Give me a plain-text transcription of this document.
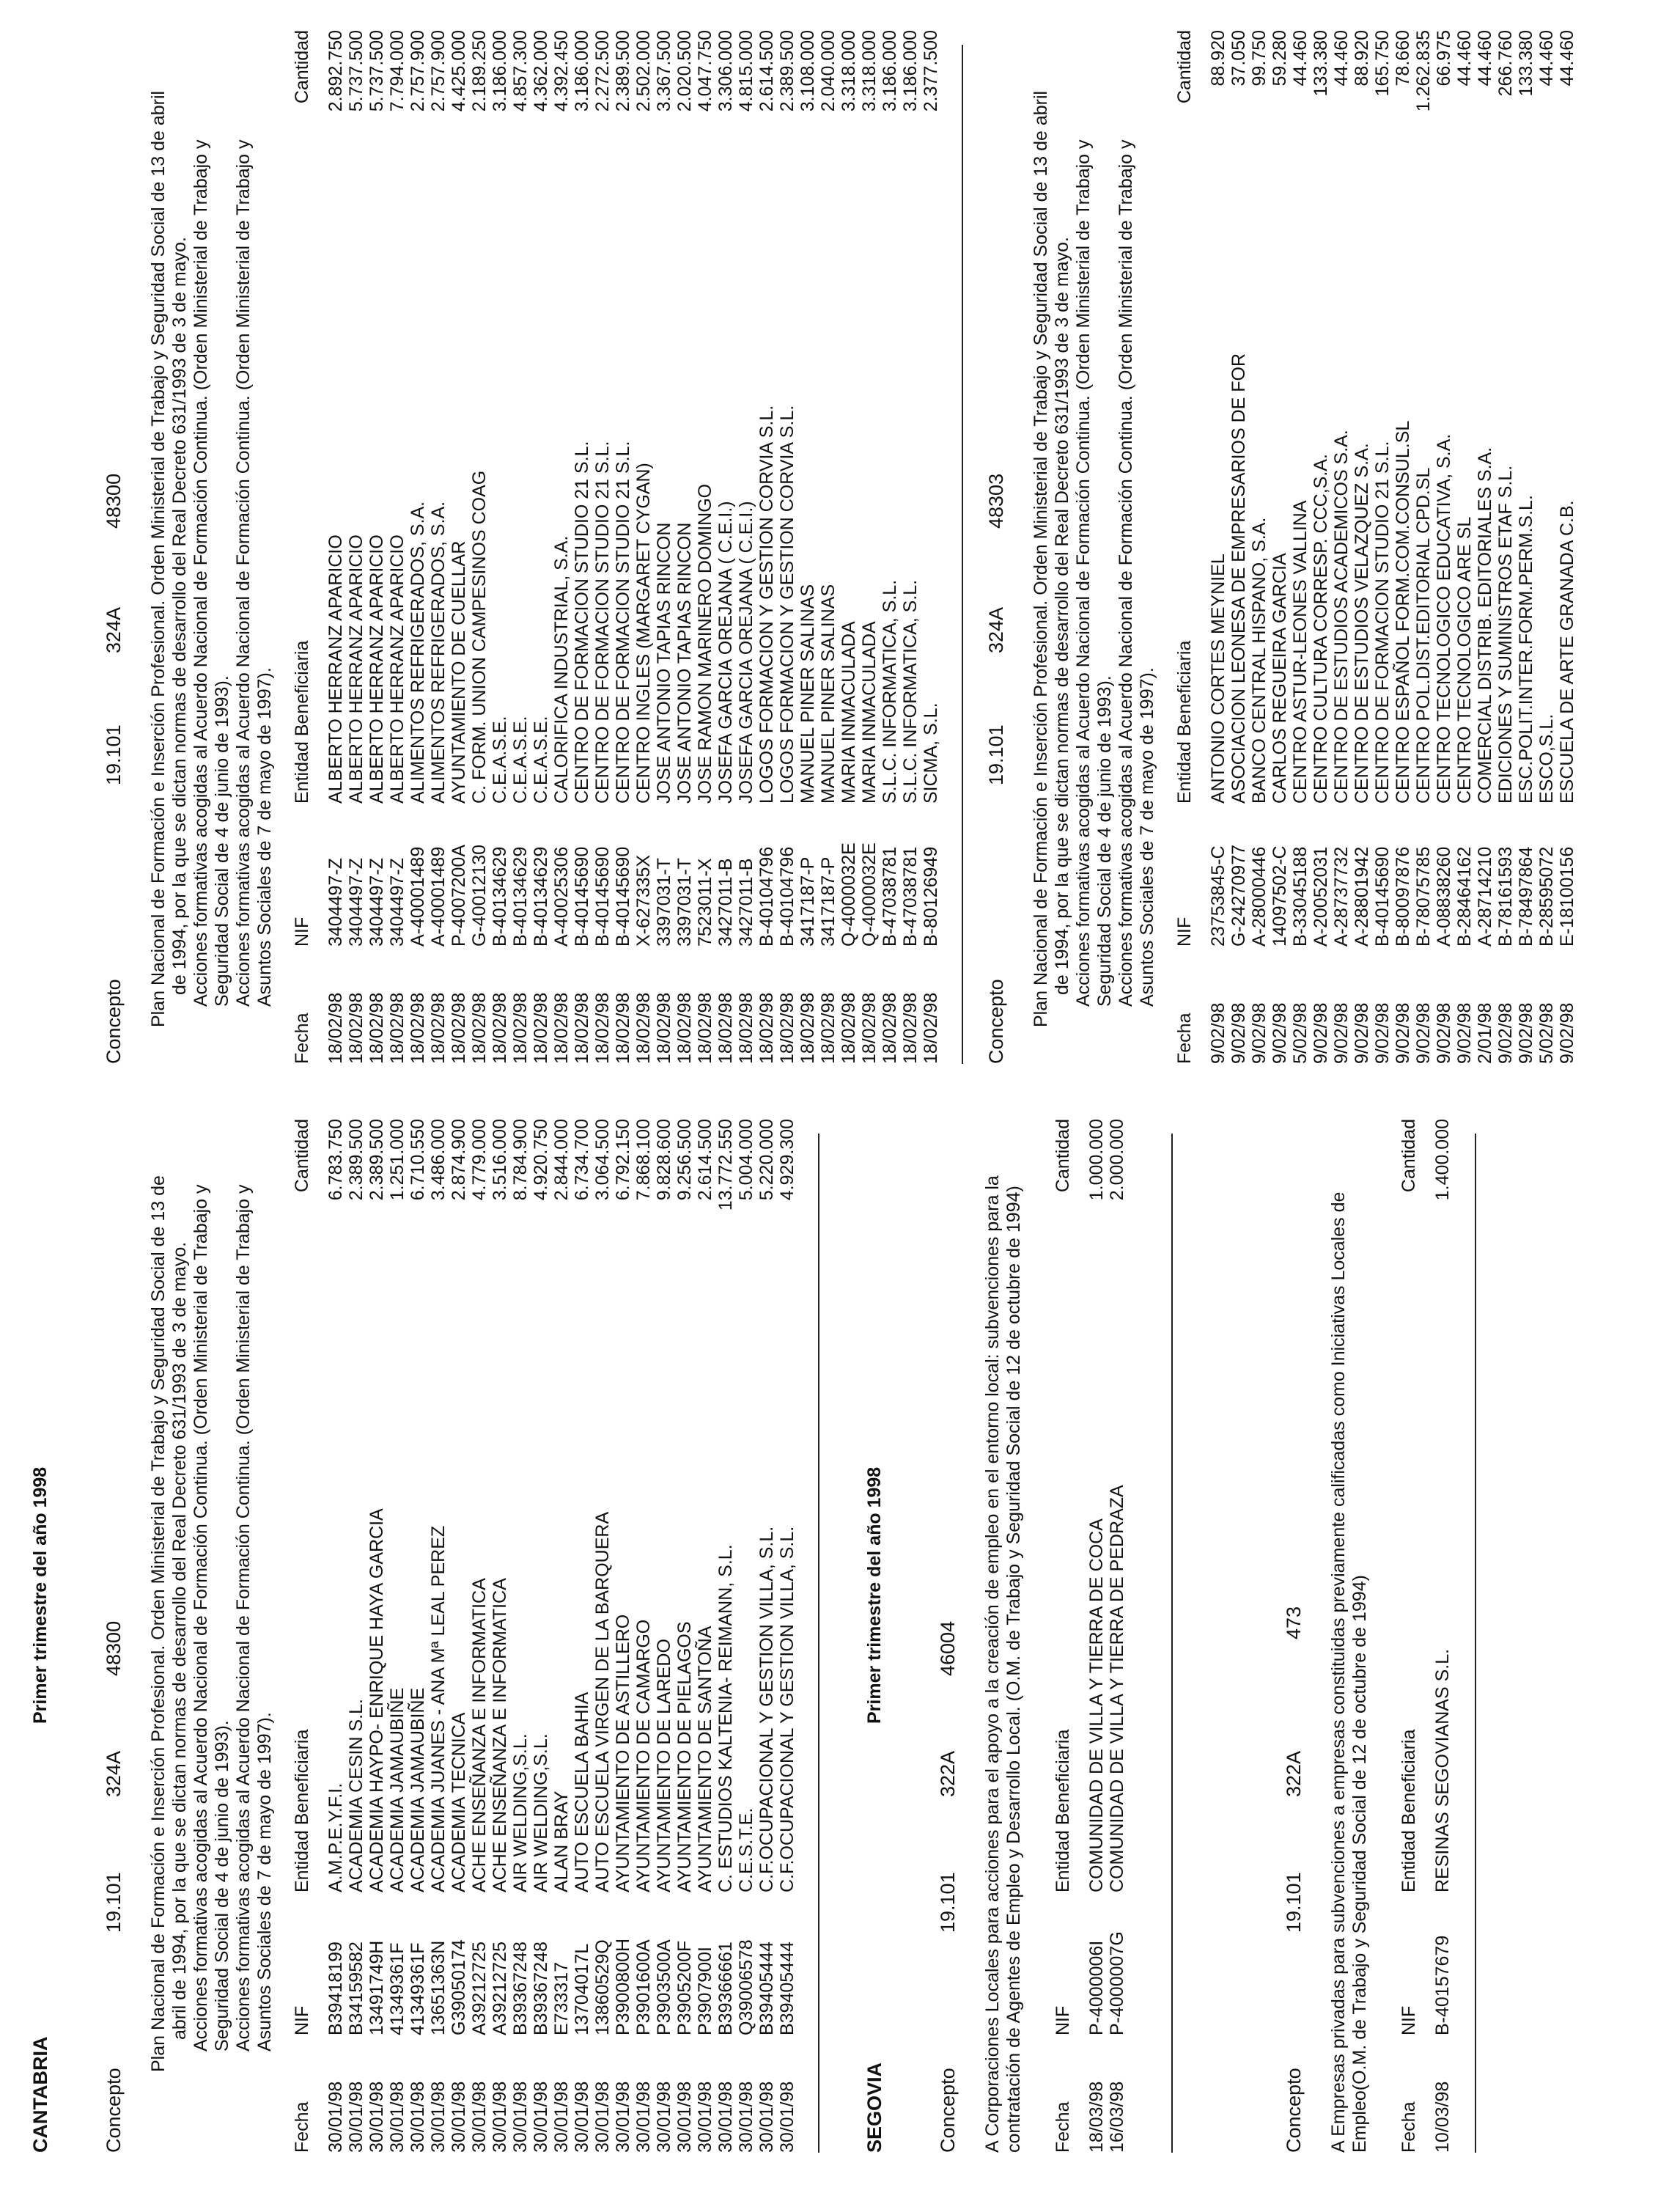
CANTABRIA
Primer trimestre del año 1998
Concepto
19.101
324A
48300 Plan Nacional de Formación e Inserción Profesional. Orden Ministerial de Trabajo y Seguridad Social de 13 de abril de 1994, por la que se dictan normas de desarrollo del Real Decreto 631/1993 de 3 de mayo. Acciones formativas acogidas al Acuerdo Nacional de Formación Continua. (Orden Ministerial de Trabajo y Seguridad Social de 4 de junio de 1993). Acciones formativas acogidas al Acuerdo Nacional de Formación Continua. (Orden Ministerial de Trabajo y Asuntos Sociales de 7 de mayo de 1997).

Fecha
NIF
Entidad Beneficiaria
Cantidad
30/01/98
B39418199
A.M.P.E.Y.F.I.
6.783.750
30/01/98
B34159582
ACADEMIA CESIN S.L.
2.389.500
30/01/98
13491749H
ACADEMIA HAYPO- ENRIQUE HAYA GARCIA
2.389.500
30/01/98
41349361F
ACADEMIA JAMAUBIÑE
1.251.000
30/01/98
41349361F
ACADEMIA JAMAUBIÑE
6.710.550
30/01/98
13651363N
ACADEMIA JUANES - ANA Mª LEAL PEREZ
3.486.000
30/01/98
G39050174
ACADEMIA TECNICA
2.874.900
30/01/98
A39212725
ACHE ENSEÑANZA E INFORMATICA
4.779.000
30/01/98
A39212725
ACHE ENSEÑANZA E INFORMATICA
3.516.000
30/01/98
B39367248
AIR WELDING,S.L.
8.784.900
30/01/98
B39367248
AIR WELDING,S.L.
4.920.750
30/01/98
E733317
ALAN BRAY
2.844.000
30/01/98
13704017L
AUTO ESCUELA BAHIA
6.734.700
30/01/98
13860529Q
AUTO ESCUELA VIRGEN DE LA BARQUERA
3.064.500
30/01/98
P3900800H
AYUNTAMIENTO DE ASTILLERO
6.792.150
30/01/98
P3901600A
AYUNTAMIENTO DE CAMARGO
7.868.100
30/01/98
P3903500A
AYUNTAMIENTO DE LAREDO
9.828.600
30/01/98
P3905200F
AYUNTAMIENTO DE PIELAGOS
9.256.500
30/01/98
P3907900I
AYUNTAMIENTO DE SANTOÑA
2.614.500
30/01/98
B39366661
C. ESTUDIOS KALTENIA- REIMANN, S.L.
13.772.550
30/01/98
Q39006578
C.E.S.T.E.
5.004.000
30/01/98
B39405444
C.F.OCUPACIONAL Y GESTION VILLA, S.L.
5.220.000
30/01/98
B39405444
C.F.OCUPACIONAL Y GESTION VILLA, S.L.
4.929.300
SEGOVIA
Primer trimestre del año 1998
Concepto
19.101
322A
46004 A Corporaciones Locales para acciones para el apoyo a la creación de empleo en el entorno local: subvenciones para la contratación de Agentes de Empleo y Desarrollo Local. (O.M. de Trabajo y Seguridad Social de 12 de octubre de 1994) Fecha
NIF
Entidad Beneficiaria
Cantidad
18/03/98
P-4000006I
COMUNIDAD DE VILLA Y TIERRA DE COCA
1.000.000
16/03/98
P-4000007G
COMUNIDAD DE VILLA Y TIERRA DE PEDRAZA
2.000.000
Concepto
19.101
322A
473 A Empresas privadas para subvenciones a empresas constituidas previamente calificadas como Iniciativas Locales de Empleo(O.M. de Trabajo y Seguridad Social de 12 de octubre de 1994) Fecha
NIF
Entidad Beneficiaria
Cantidad
10/03/98
B-40157679
RESINAS SEGOVIANAS S.L.
1.400.000
Concepto
19.101
324A
48300 Plan Nacional de Formación e Inserción Profesional. Orden Ministerial de Trabajo y Seguridad Social de 13 de abril de 1994, por la que se dictan normas de desarrollo del Real Decreto 631/1993 de 3 de mayo. Acciones formativas acogidas al Acuerdo Nacional de Formación Continua. (Orden Ministerial de Trabajo y Seguridad Social de 4 de junio de 1993). Acciones formativas acogidas al Acuerdo Nacional de Formación Continua. (Orden Ministerial de Trabajo y Asuntos Sociales de 7 de mayo de 1997).

Fecha
NIF
Entidad Beneficiaria
Cantidad
18/02/98
3404497-Z
ALBERTO HERRANZ APARICIO
2.892.750
18/02/98
3404497-Z
ALBERTO HERRANZ APARICIO
5.737.500
18/02/98
3404497-Z
ALBERTO HERRANZ APARICIO
5.737.500
18/02/98
3404497-Z
ALBERTO HERRANZ APARICIO
7.794.000
18/02/98
A-40001489
ALIMENTOS REFRIGERADOS, S.A.
2.757.900
18/02/98
A-40001489
ALIMENTOS REFRIGERADOS, S.A.
2.757.900
18/02/98
P-4007200A
AYUNTAMIENTO DE CUELLAR
4.425.000
18/02/98
G-40012130
C. FORM. UNION CAMPESINOS COAG
2.189.250
18/02/98
B-40134629
C.E.A.S.E.
3.186.000
18/02/98
B-40134629
C.E.A.S.E.
4.857.300
18/02/98
B-40134629
C.E.A.S.E.
4.362.000
18/02/98
A-40025306
CALORIFICA INDUSTRIAL, S.A.
4.392.450
18/02/98
B-40145690
CENTRO DE FORMACION STUDIO 21 S.L.
3.186.000
18/02/98
B-40145690
CENTRO DE FORMACION STUDIO 21 S.L.
2.272.500
18/02/98
B-40145690
CENTRO DE FORMACION STUDIO 21 S.L.
2.389.500
18/02/98
X-627335X
CENTRO INGLES (MARGARET CYGAN)
2.502.000
18/02/98
3397031-T
JOSE ANTONIO TAPIAS RINCON
3.367.500
18/02/98
3397031-T
JOSE ANTONIO TAPIAS RINCON
2.020.500
18/02/98
7523011-X
JOSE RAMON MARINERO DOMINGO
4.047.750
18/02/98
3427011-B
JOSEFA GARCIA OREJANA ( C.E.I.)
3.306.000
18/02/98
3427011-B
JOSEFA GARCIA OREJANA ( C.E.I.)
4.815.000
18/02/98
B-40104796
LOGOS FORMACION Y GESTION CORVIA S.L.
2.614.500
18/02/98
B-40104796
LOGOS FORMACION Y GESTION CORVIA S.L.
2.389.500
18/02/98
3417187-P
MANUEL PINER SALINAS
3.108.000
18/02/98
3417187-P
MANUEL PINER SALINAS
2.040.000
18/02/98
Q-4000032E
MARIA INMACULADA
3.318.000
18/02/98
Q-4000032E
MARIA INMACULADA
3.318.000
18/02/98
B-47038781
S.L.C. INFORMATICA, S.L.
3.186.000
18/02/98
B-47038781
S.L.C. INFORMATICA, S.L.
3.186.000
18/02/98
B-80126949
SICMA, S.L.
2.377.500
Concepto
19.101
324A
48303 Plan Nacional de Formación e Inserción Profesional. Orden Ministerial de Trabajo y Seguridad Social de 13 de abril de 1994, por la que se dictan normas de desarrollo del Real Decreto 631/1993 de 3 de mayo. Acciones formativas acogidas al Acuerdo Nacional de Formación Continua. (Orden Ministerial de Trabajo y Seguridad Social de 4 de junio de 1993). Acciones formativas acogidas al Acuerdo Nacional de Formación Continua. (Orden Ministerial de Trabajo y Asuntos Sociales de 7 de mayo de 1997).

Fecha
NIF
Entidad Beneficiaria
Cantidad
9/02/98
23753845-C
ANTONIO CORTES MEYNIEL
88.920
9/02/98
G-24270977
ASOCIACION LEONESA DE EMPRESARIOS DE FOR
37.050
9/02/98
A-28000446
BANCO CENTRAL HISPANO, S.A.
99.750
9/02/98
14097502-C
CARLOS REGUEIRA GARCIA
59.280
5/02/98
B-33045188
CENTRO ASTUR-LEONES VALLINA
44.460
9/02/98
A-20052031
CENTRO CULTURA CORRESP. CCC,S.A.
133.380
9/02/98
A-28737732
CENTRO DE ESTUDIOS ACADEMICOS S.A.
44.460
9/02/98
A-28801942
CENTRO DE ESTUDIOS VELAZQUEZ S.A.
88.920
9/02/98
B-40145690
CENTRO DE FORMACION STUDIO 21 S.L.
165.750
9/02/98
B-80097876
CENTRO ESPAÑOL FORM.COM.CONSUL.SL
78.660
9/02/98
B-78075785
CENTRO POL.DIST.EDITORIAL CPD.SL
1.262.835
9/02/98
A-08838260
CENTRO TECNOLOGICO EDUCATIVA, S.A.
66.975
9/02/98
B-28464162
CENTRO TECNOLOGICO ARE SL
44.460
2/01/98
A-28714210
COMERCIAL DISTRIB. EDITORIALES S.A.
44.460
9/02/98
B-78161593
EDICIONES Y SUMINISTROS ETAF S.L.
266.760
9/02/98
B-78497864
ESC.POLIT.INTER.FORM.PERM.S.L.
133.380
5/02/98
B-28595072
ESCO,S.L.
44.460
9/02/98
E-18100156
ESCUELA DE ARTE GRANADA C.B.
44.460
